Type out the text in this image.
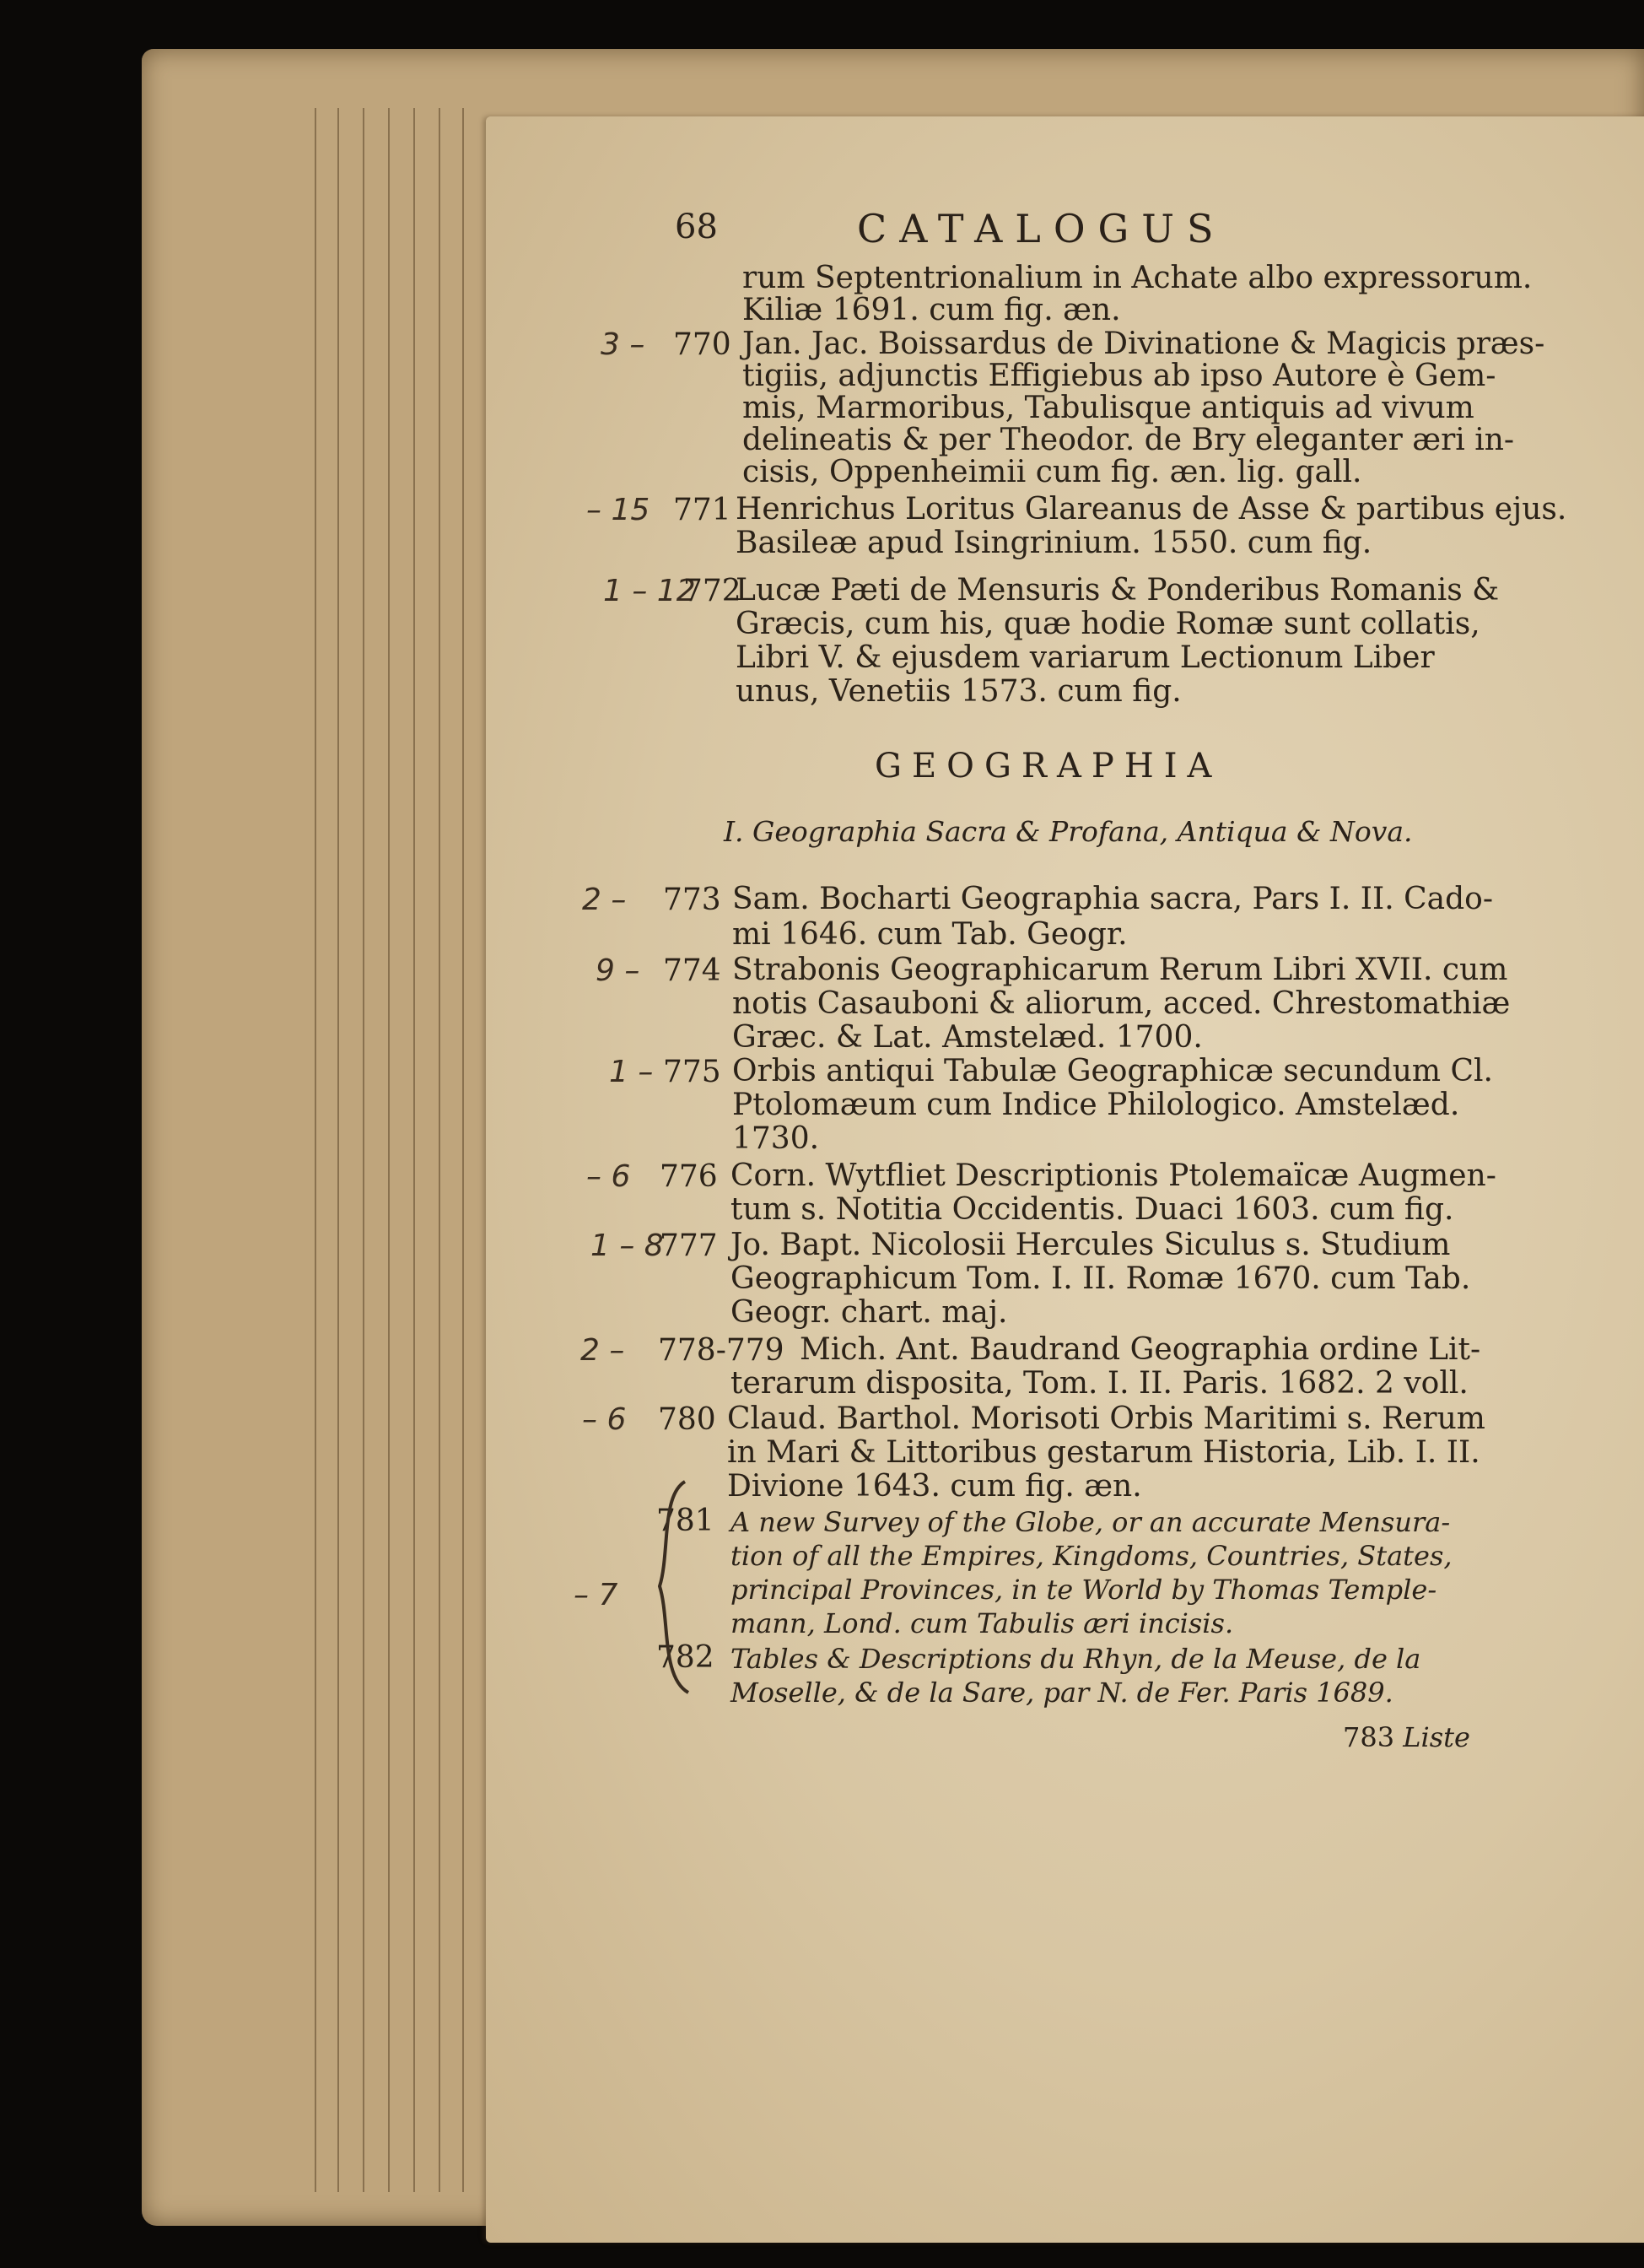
68	CATALOGUS
rum Septentrionalium in Achate albo expressorum.
Kiliæ 1691. cum fig. æn.
3 – 770 Jan. Jac. Boissardus de Divinatione & Magicis præs-
tigiis, adjunctis Effigiebus ab ipso Autore è Gem-
mis, Marmoribus, Tabulisque antiquis ad vivum
delineatis & per Theodor. de Bry eleganter æri in-
cisis, Oppenheimii cum fig. æn. lig. gall.
– 15 771 Henrichus Loritus Glareanus de Asse & partibus ejus.
Basileæ apud Isingrinium. 1550. cum fig.
1 – 12
772
Lucæ Pæti de Mensuris & Ponderibus Romanis &
Græcis, cum his, quæ hodie Romæ sunt collatis,
Libri V. & ejusdem variarum Lectionum Liber
unus, Venetiis 1573. cum fig.
GEOGRAPHIA
I. Geographia Sacra & Profana, Antiqua & Nova.
2 – 773 Sam. Bocharti Geographia sacra, Pars I. II. Cado-
mi 1646. cum Tab. Geogr.
9 – 774 Strabonis Geographicarum Rerum Libri XVII. cum
notis Casauboni & aliorum, acced. Chrestomathiæ
Græc. & Lat. Amstelæd. 1700.
1 – 775 Orbis antiqui Tabulæ Geographicæ secundum Cl.
Ptolomæum cum Indice Philologico. Amstelæd.
1730.
– 6 776 Corn. Wytfliet Descriptionis Ptolemaïcæ Augmen-
tum s. Notitia Occidentis. Duaci 1603. cum fig.
1 – 8
777 Jo. Bapt. Nicolosii Hercules Siculus s. Studium
Geographicum Tom. I. II. Romæ 1670. cum Tab.
Geogr. chart. maj.
2 – 778-779 Mich. Ant. Baudrand Geographia ordine Lit-
terarum disposita, Tom. I. II. Paris. 1682. 2 voll.
– 6 780 Claud. Barthol. Morisoti Orbis Maritimi s. Rerum
in Mari & Littoribus gestarum Historia, Lib. I. II.
Divione 1643. cum fig. æn.
781 A new Survey of the Globe, or an accurate Mensura-
tion of all the Empires, Kingdoms, Countries, States,
principal Provinces, in te World by Thomas Temple-
mann, Lond. cum Tabulis æri incisis.
782 Tables & Descriptions du Rhyn, de la Meuse, de la
Moselle, & de la Sare, par N. de Fer. Paris 1689.
– 7
783 Liste
